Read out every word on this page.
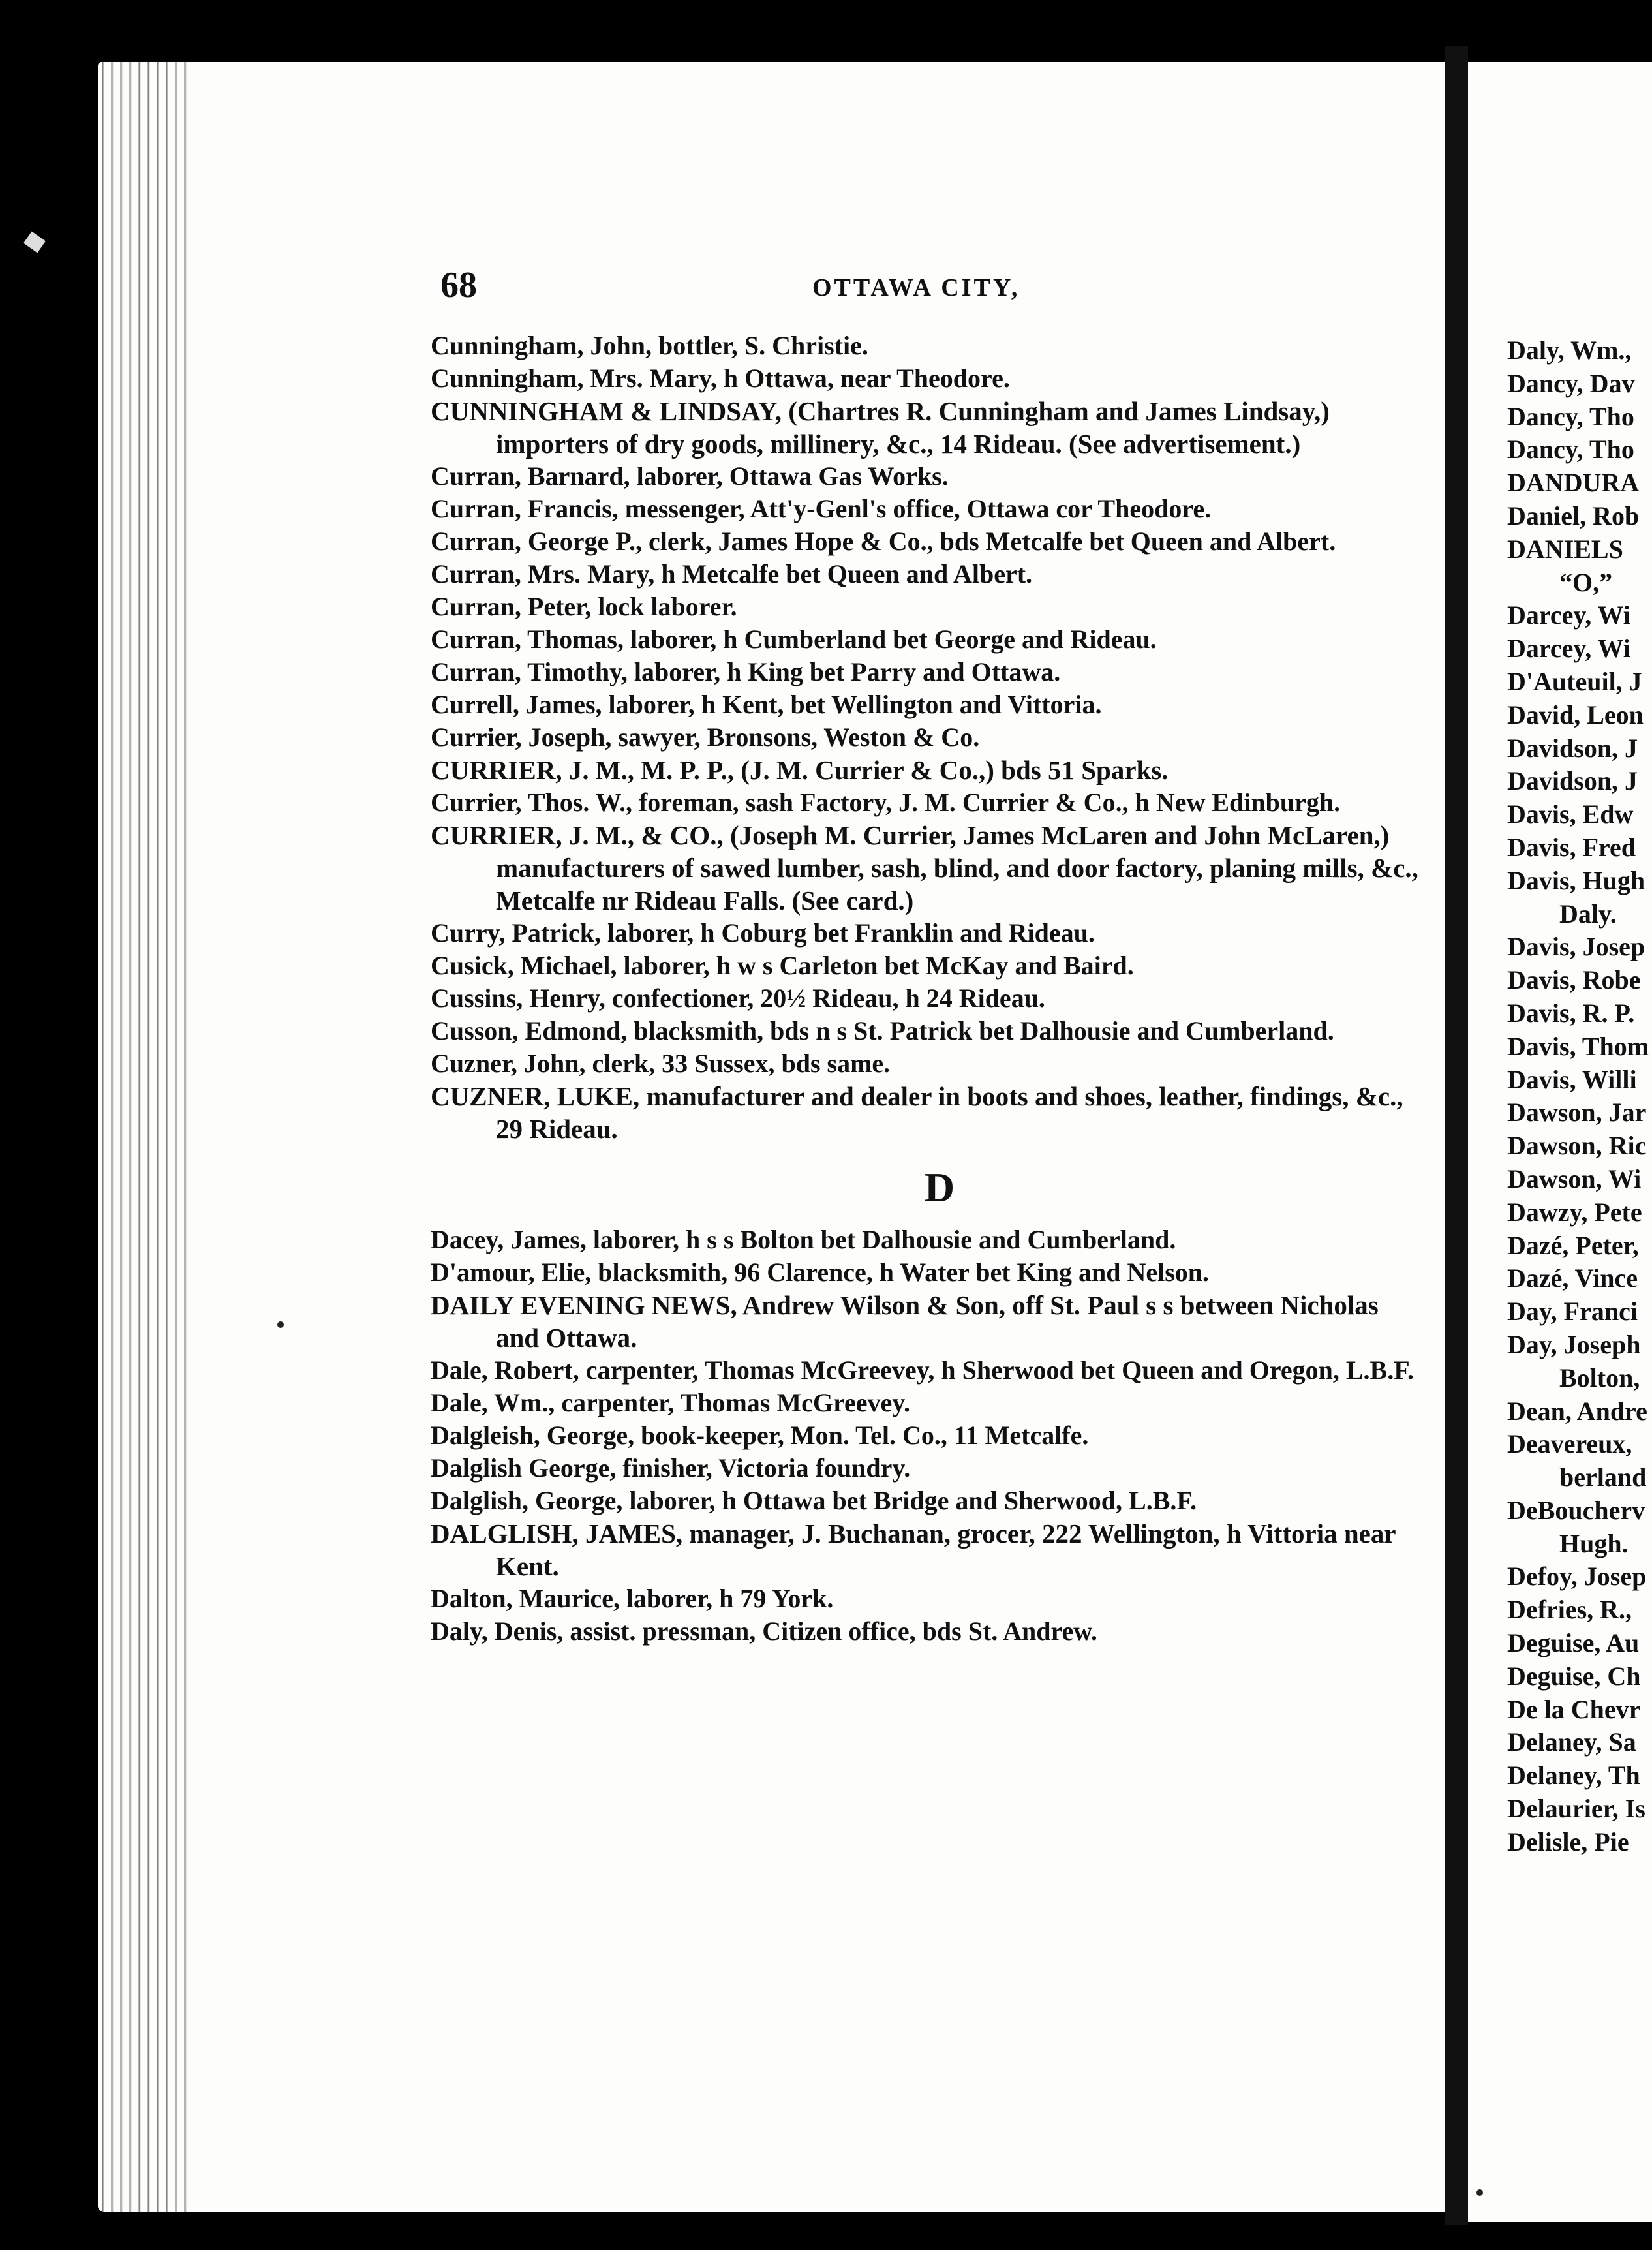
68	OTTAWA CITY,
Cunningham, John, bottler, S. Christie.
Cunningham, Mrs. Mary, h Ottawa, near Theodore.
CUNNINGHAM & LINDSAY, (Chartres R. Cunningham and James Lindsay,) importers of dry goods, millinery, &c., 14 Rideau. (See advertisement.)
Curran, Barnard, laborer, Ottawa Gas Works.
Curran, Francis, messenger, Att'y-Genl's office, Ottawa cor Theodore.
Curran, George P., clerk, James Hope & Co., bds Metcalfe bet Queen and Albert.
Curran, Mrs. Mary, h Metcalfe bet Queen and Albert.
Curran, Peter, lock laborer.
Curran, Thomas, laborer, h Cumberland bet George and Rideau.
Curran, Timothy, laborer, h King bet Parry and Ottawa.
Currell, James, laborer, h Kent, bet Wellington and Vittoria.
Currier, Joseph, sawyer, Bronsons, Weston & Co.
CURRIER, J. M., M. P. P., (J. M. Currier & Co.,) bds 51 Sparks.
Currier, Thos. W., foreman, sash Factory, J. M. Currier & Co., h New Edinburgh.
CURRIER, J. M., & CO., (Joseph M. Currier, James McLaren and John McLaren,) manufacturers of sawed lumber, sash, blind, and door factory, planing mills, &c., Metcalfe nr Rideau Falls. (See card.)
Curry, Patrick, laborer, h Coburg bet Franklin and Rideau.
Cusick, Michael, laborer, h w s Carleton bet McKay and Baird.
Cussins, Henry, confectioner, 20½ Rideau, h 24 Rideau.
Cusson, Edmond, blacksmith, bds n s St. Patrick bet Dalhousie and Cumberland.
Cuzner, John, clerk, 33 Sussex, bds same.
CUZNER, LUKE, manufacturer and dealer in boots and shoes, leather, findings, &c., 29 Rideau.
D
Dacey, James, laborer, h s s Bolton bet Dalhousie and Cumberland.
D'amour, Elie, blacksmith, 96 Clarence, h Water bet King and Nelson.
DAILY EVENING NEWS, Andrew Wilson & Son, off St. Paul s s between Nicholas and Ottawa.
Dale, Robert, carpenter, Thomas McGreevey, h Sherwood bet Queen and Oregon, L.B.F.
Dale, Wm., carpenter, Thomas McGreevey.
Dalgleish, George, book-keeper, Mon. Tel. Co., 11 Metcalfe.
Dalglish George, finisher, Victoria foundry.
Dalglish, George, laborer, h Ottawa bet Bridge and Sherwood, L.B.F.
DALGLISH, JAMES, manager, J. Buchanan, grocer, 222 Wellington, h Vittoria near Kent.
Dalton, Maurice, laborer, h 79 York.
Daly, Denis, assist. pressman, Citizen office, bds St. Andrew.
Daly, Wm.,
Dancy, Dav
Dancy, Tho
Dancy, Tho
DANDURA
Daniel, Rob
DANIELS
“O,”
Darcey, Wi
Darcey, Wi
D'Auteuil, J
David, Leon
Davidson, J
Davidson, J
Davis, Edw
Davis, Fred
Davis, Hugh
Daly.
Davis, Josep
Davis, Robe
Davis, R. P.
Davis, Thom
Davis, Willi
Dawson, Jar
Dawson, Ric
Dawson, Wi
Dawzy, Pete
Dazé, Peter,
Dazé, Vince
Day, Franci
Day, Joseph
Bolton,
Dean, Andre
Deavereux,
berland
DeBoucherv
Hugh.
Defoy, Josep
Defries, R.,
Deguise, Au
Deguise, Ch
De la Chevr
Delaney, Sa
Delaney, Th
Delaurier, Is
Delisle, Pie
